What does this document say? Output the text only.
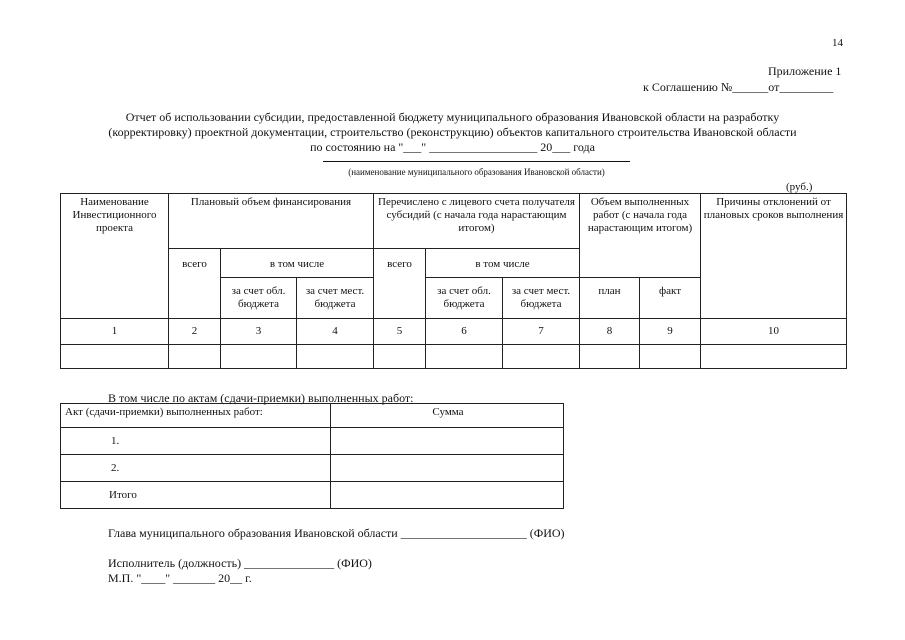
14
Приложение 1
к Соглашению №______от_________
Отчет об использовании субсидии, предоставленной бюджету муниципального образования Ивановской области на разработку
(корректировку) проектной документации, строительство (реконструкцию) объектов капитального строительства Ивановской области
по состоянию на "___" __________________ 20___ года
(наименование муниципального образования Ивановской области)
(руб.)
Наименование Инвестиционного проекта	Плановый объем финансирования			Перечислено с лицевого счета получателя субсидий (с начала года нарастающим итогом)			Объем выполненных работ (с начала года нарастающим итогом)		Причины отклонений от плановых сроков выполнения
	всего	в том числе		всего	в том числе				
		за счет обл. бюджета	за счет мест. бюджета		за счет обл. бюджета	за счет мест. бюджета	план	факт	
1	2	3	4	5	6	7	8	9	10

В том числе по актам (сдачи-приемки) выполненных работ:
Акт (сдачи-приемки) выполненных работ:	Сумма
1.	
2.	
Итого	
Глава муниципального образования Ивановской области _____________________ (ФИО)
Исполнитель (должность) _______________ (ФИО)
М.П. "____" _______ 20__ г.
